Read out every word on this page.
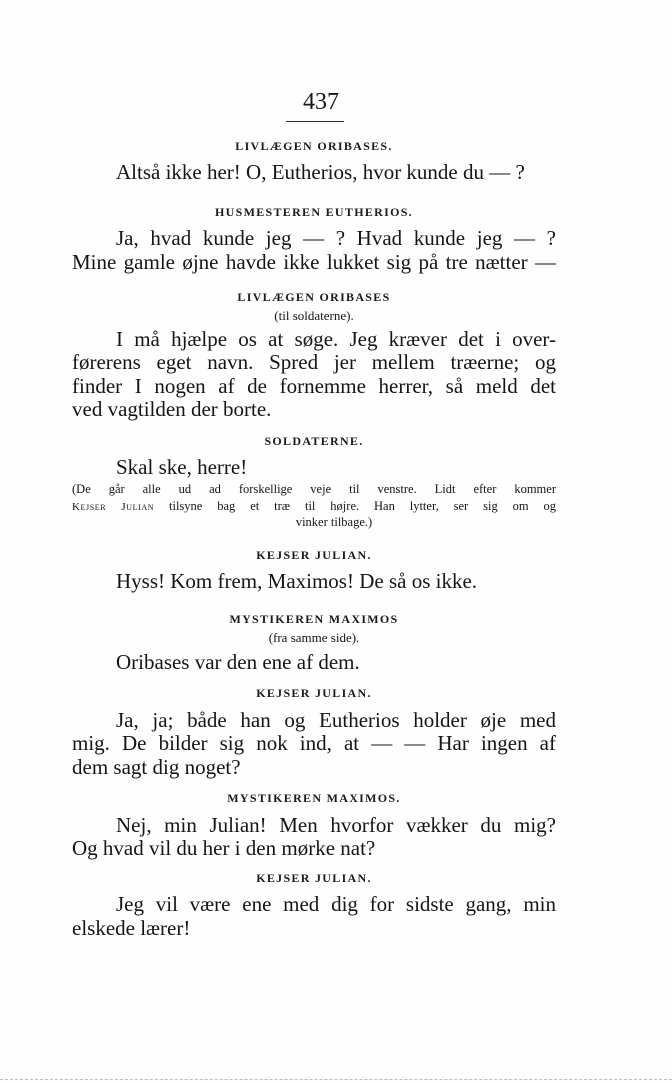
437
LIVLÆGEN ORIBASES.
Altså ikke her! O, Eutherios, hvor kunde du — ?
HUSMESTEREN EUTHERIOS.
Ja, hvad kunde jeg — ? Hvad kunde jeg — ?
Mine gamle øjne havde ikke lukket sig på tre nætter —
LIVLÆGEN ORIBASES
(til soldaterne).
I må hjælpe os at søge. Jeg kræver det i over-
førerens eget navn. Spred jer mellem træerne; og
finder I nogen af de fornemme herrer, så meld det
ved vagtilden der borte.
SOLDATERNE.
Skal ske, herre!
(De går alle ud ad forskellige veje til venstre. Lidt efter kommer
Kejser Julian tilsyne bag et træ til højre. Han lytter, ser sig om og
vinker tilbage.)
KEJSER JULIAN.
Hyss! Kom frem, Maximos! De så os ikke.
MYSTIKEREN MAXIMOS
(fra samme side).
Oribases var den ene af dem.
KEJSER JULIAN.
Ja, ja; både han og Eutherios holder øje med
mig. De bilder sig nok ind, at — — Har ingen af
dem sagt dig noget?
MYSTIKEREN MAXIMOS.
Nej, min Julian! Men hvorfor vækker du mig?
Og hvad vil du her i den mørke nat?
KEJSER JULIAN.
Jeg vil være ene med dig for sidste gang, min
elskede lærer!
